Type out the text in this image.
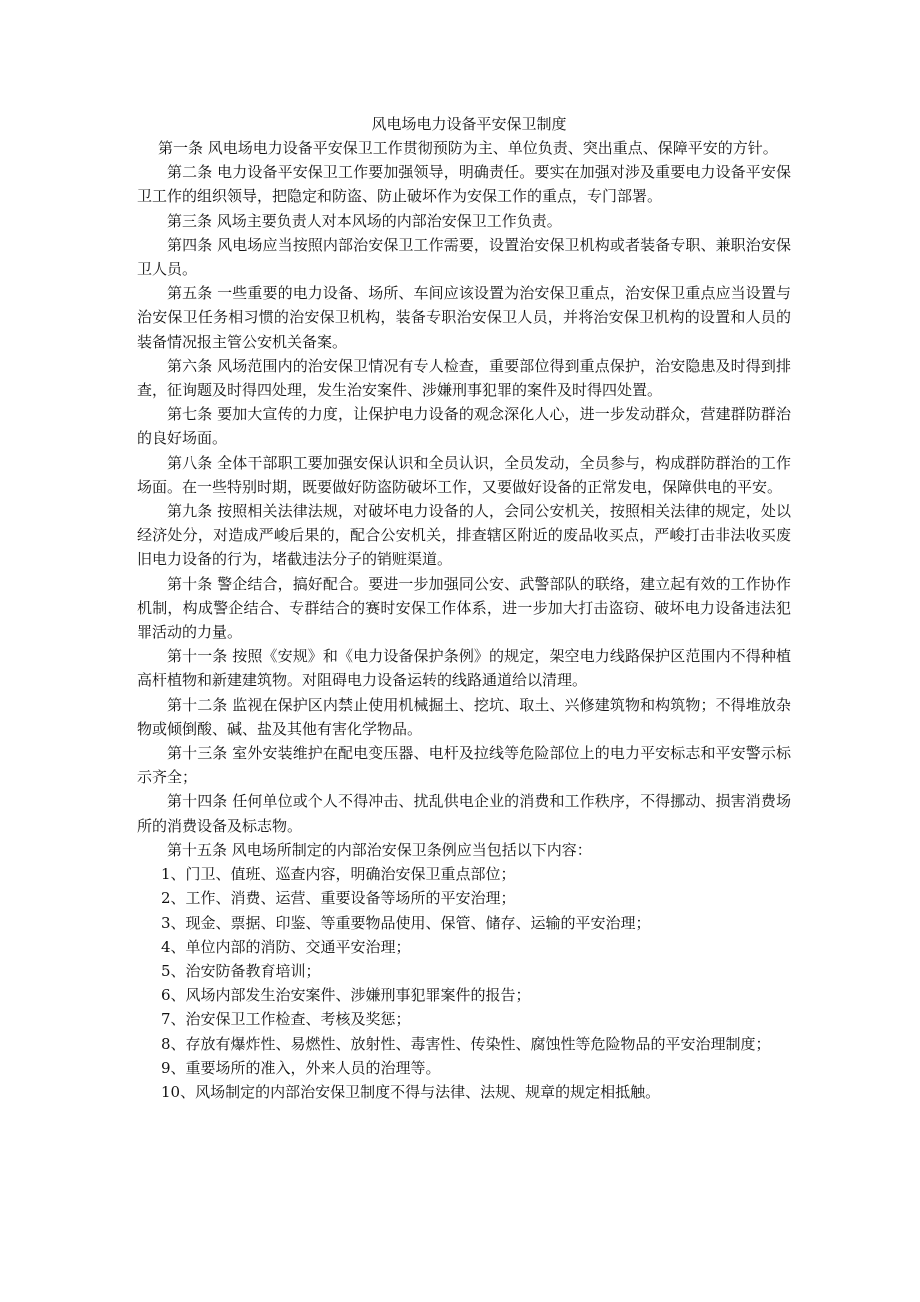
风电场电力设备平安保卫制度

第一条 风电场电力设备平安保卫工作贯彻预防为主、单位负责、突出重点、保障平安的方针。

第二条 电力设备平安保卫工作要加强领导，明确责任。要实在加强对涉及重要电力设备平安保卫工作的组织领导，把隐定和防盗、防止破坏作为安保工作的重点，专门部署。

第三条 风场主要负责人对本风场的内部治安保卫工作负责。

第四条 风电场应当按照内部治安保卫工作需要，设置治安保卫机构或者装备专职、兼职治安保卫人员。

第五条 一些重要的电力设备、场所、车间应该设置为治安保卫重点，治安保卫重点应当设置与治安保卫任务相习惯的治安保卫机构，装备专职治安保卫人员，并将治安保卫机构的设置和人员的装备情况报主管公安机关备案。

第六条 风场范围内的治安保卫情况有专人检查，重要部位得到重点保护，治安隐患及时得到排查，征询题及时得四处理，发生治安案件、涉嫌刑事犯罪的案件及时得四处置。

第七条 要加大宣传的力度，让保护电力设备的观念深化人心，进一步发动群众，营建群防群治的良好场面。

第八条 全体干部职工要加强安保认识和全员认识，全员发动，全员参与，构成群防群治的工作场面。在一些特别时期，既要做好防盗防破坏工作，又要做好设备的正常发电，保障供电的平安。

第九条 按照相关法律法规，对破坏电力设备的人，会同公安机关，按照相关法律的规定，处以经济处分，对造成严峻后果的，配合公安机关，排查辖区附近的废品收买点，严峻打击非法收买废旧电力设备的行为，堵截违法分子的销赃渠道。

第十条 警企结合，搞好配合。要进一步加强同公安、武警部队的联络，建立起有效的工作协作机制，构成警企结合、专群结合的赛时安保工作体系，进一步加大打击盗窃、破坏电力设备违法犯罪活动的力量。

第十一条 按照《安规》和《电力设备保护条例》的规定，架空电力线路保护区范围内不得种植高杆植物和新建建筑物。对阻碍电力设备运转的线路通道给以清理。

第十二条 监视在保护区内禁止使用机械掘土、挖坑、取土、兴修建筑物和构筑物；不得堆放杂物或倾倒酸、碱、盐及其他有害化学物品。

第十三条 室外安装维护在配电变压器、电杆及拉线等危险部位上的电力平安标志和平安警示标示齐全；

第十四条 任何单位或个人不得冲击、扰乱供电企业的消费和工作秩序，不得挪动、损害消费场所的消费设备及标志物。

第十五条 风电场所制定的内部治安保卫条例应当包括以下内容：

1、门卫、值班、巡查内容，明确治安保卫重点部位；

2、工作、消费、运营、重要设备等场所的平安治理；

3、现金、票据、印鉴、等重要物品使用、保管、储存、运输的平安治理；

4、单位内部的消防、交通平安治理；

5、治安防备教育培训；

6、风场内部发生治安案件、涉嫌刑事犯罪案件的报告；

7、治安保卫工作检查、考核及奖惩；

8、存放有爆炸性、易燃性、放射性、毒害性、传染性、腐蚀性等危险物品的平安治理制度；

9、重要场所的准入，外来人员的治理等。

10、风场制定的内部治安保卫制度不得与法律、法规、规章的规定相抵触。
